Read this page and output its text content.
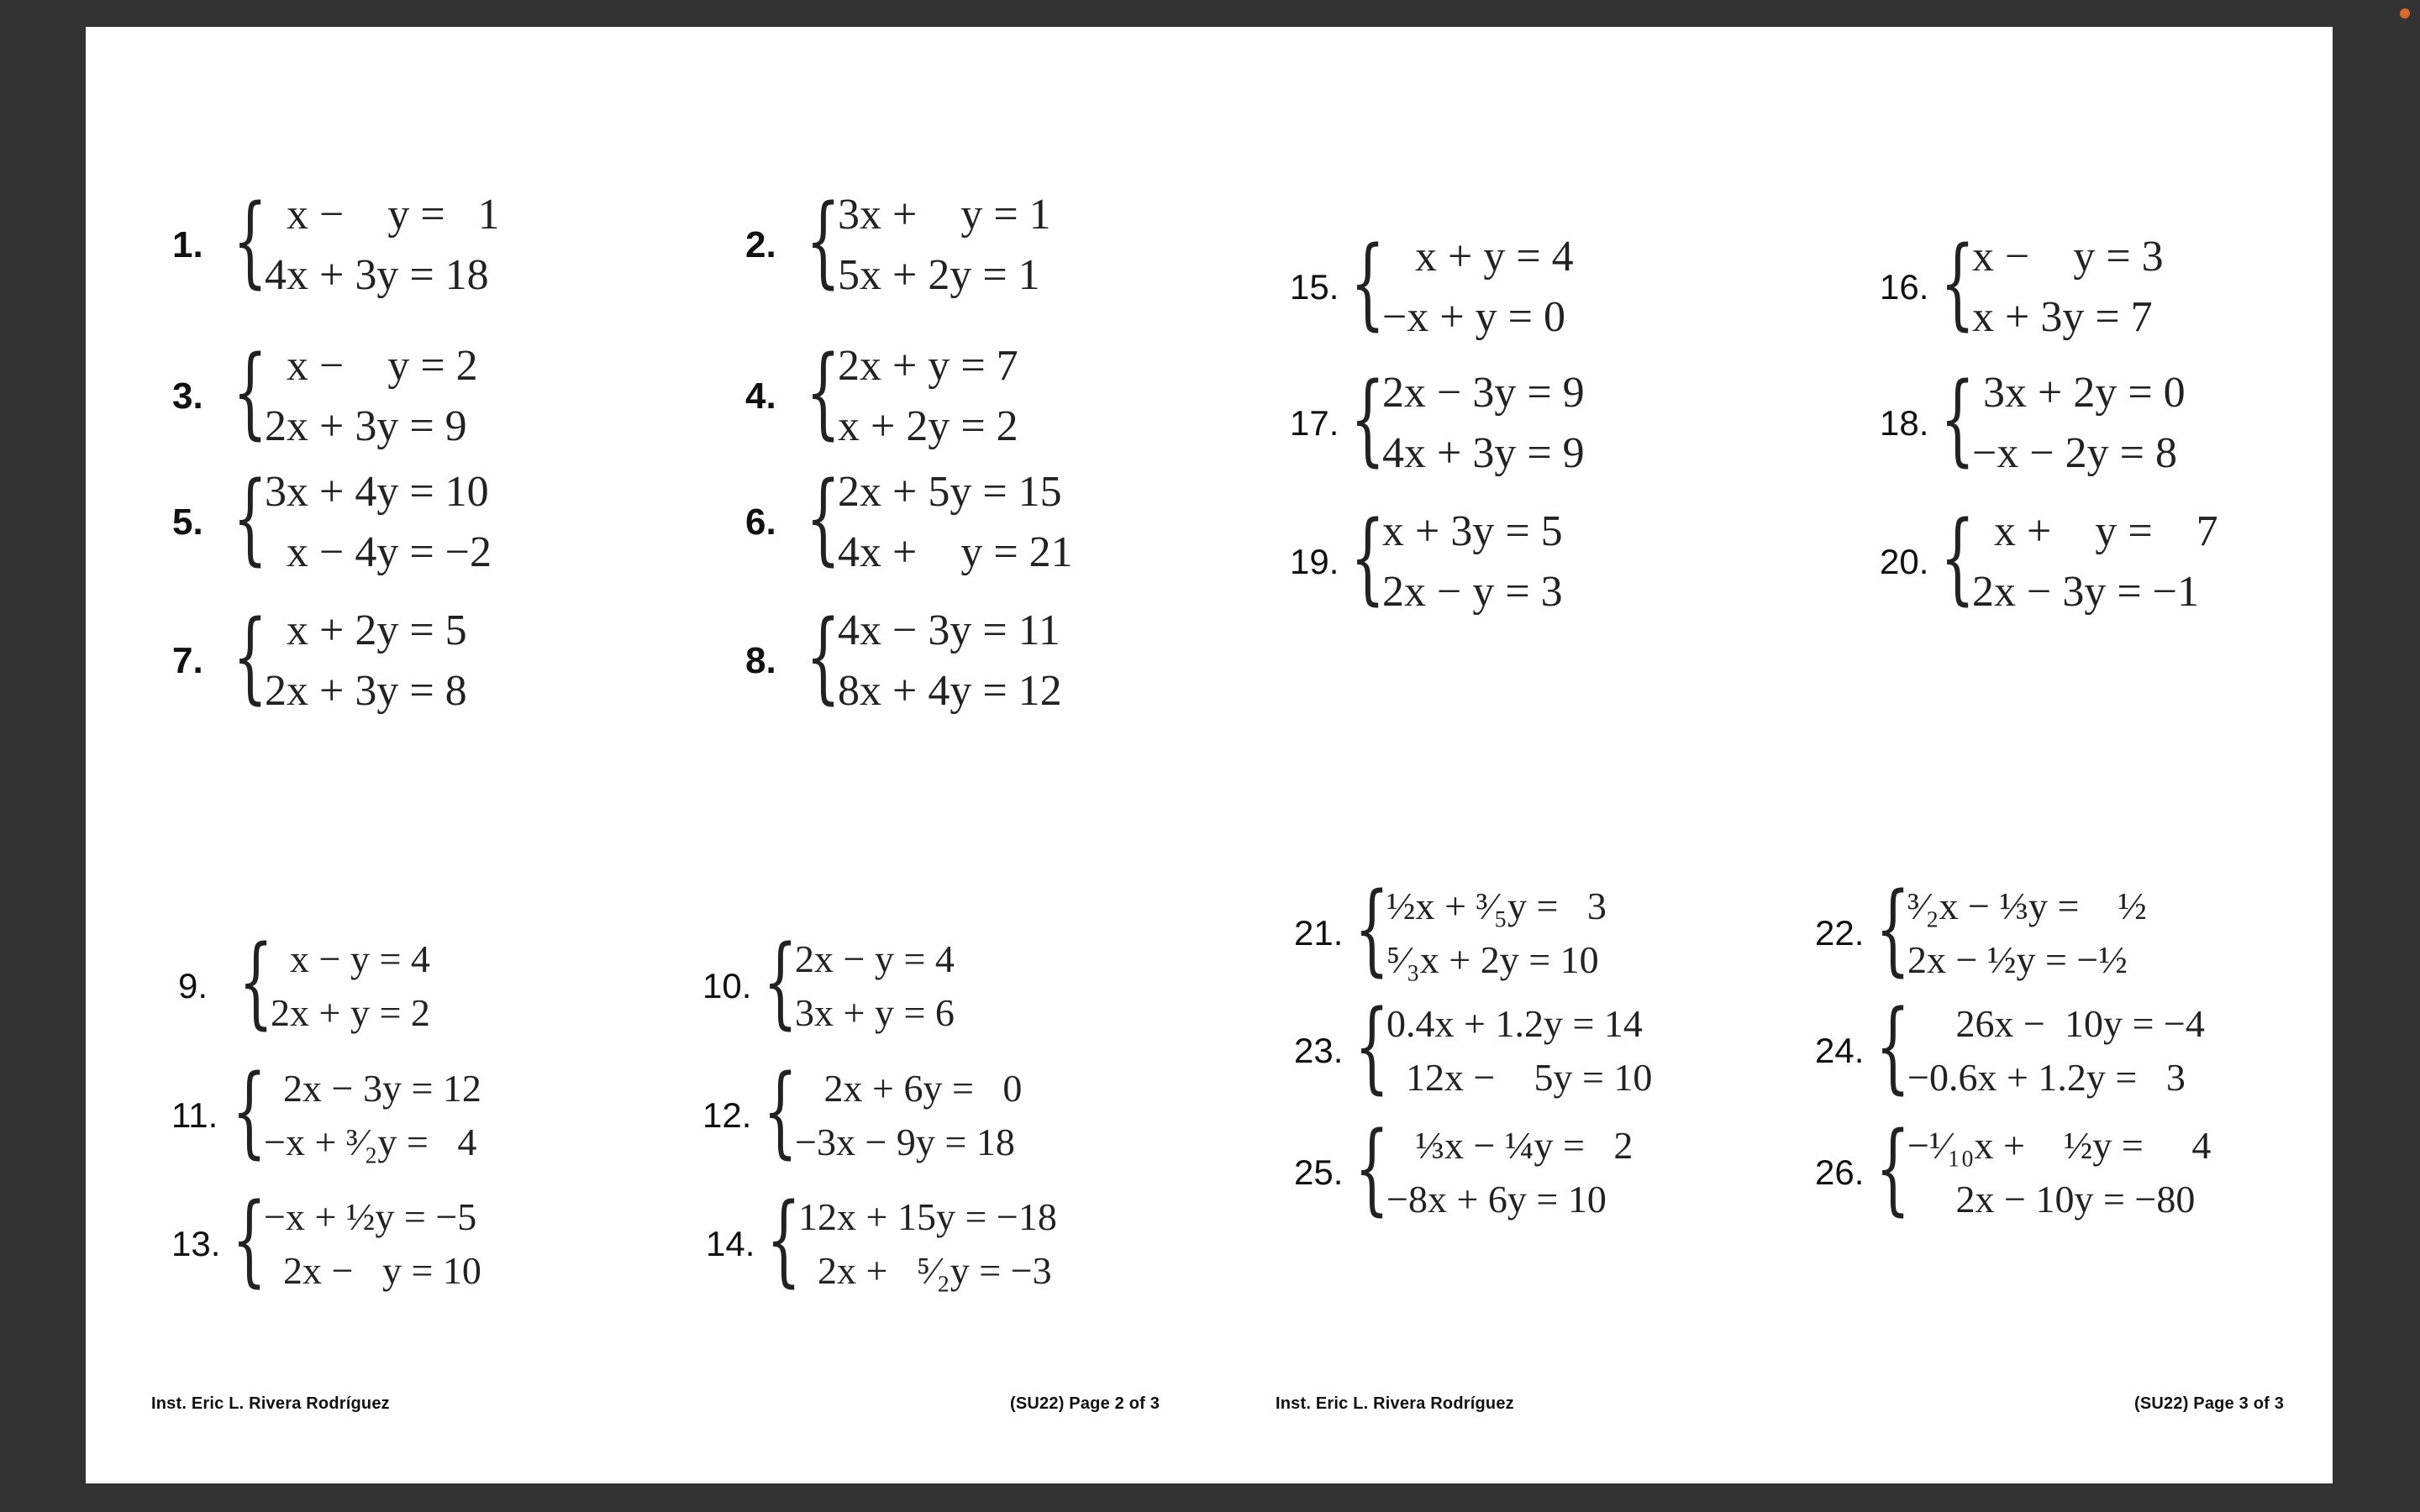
1. {
x −    y =   1
4x + 3y = 18
2. {
3x +    y = 1
5x + 2y = 1
3. {
x −    y = 2
2x + 3y = 9
4. {
2x + y = 7
x + 2y = 2
5. {
3x + 4y = 10
x − 4y = −2
6. {
2x + 5y = 15
4x +    y = 21
7. {
x + 2y = 5
2x + 3y = 8
8. {
4x − 3y = 11
8x + 4y = 12
9. {
x − y = 4
2x + y = 2
10. {
2x − y = 4
3x + y = 6
11. {
2x − 3y = 12
−x + ³⁄₂y =   4
12. {
2x + 6y =   0
−3x − 9y = 18
13. {
−x + ½y = −5
2x −   y = 10
14. {
12x + 15y = −18
2x +   ⁵⁄₂y = −3
Inst. Eric L. Rivera Rodríguez	(SU22) Page 2 of 3
15. {
x + y = 4
−x + y = 0
16. {
x −    y = 3
x + 3y = 7
17. {
2x − 3y = 9
4x + 3y = 9
18. {
3x + 2y = 0
−x − 2y = 8
19. {
x + 3y = 5
2x − y = 3
20. {
x +    y =    7
2x − 3y = −1
21. {
½x + ³⁄₅y =   3
⁵⁄₃x + 2y = 10
22. {
³⁄₂x − ⅓y =    ½
2x − ½y = −½
23. {
0.4x + 1.2y = 14
12x −    5y = 10
24. {
26x −  10y = −4
−0.6x + 1.2y =   3
25. {
⅓x − ¼y =   2
−8x + 6y = 10
26. {
−¹⁄₁₀x +    ½y =     4
2x − 10y = −80
Inst. Eric L. Rivera Rodríguez	(SU22) Page 3 of 3
